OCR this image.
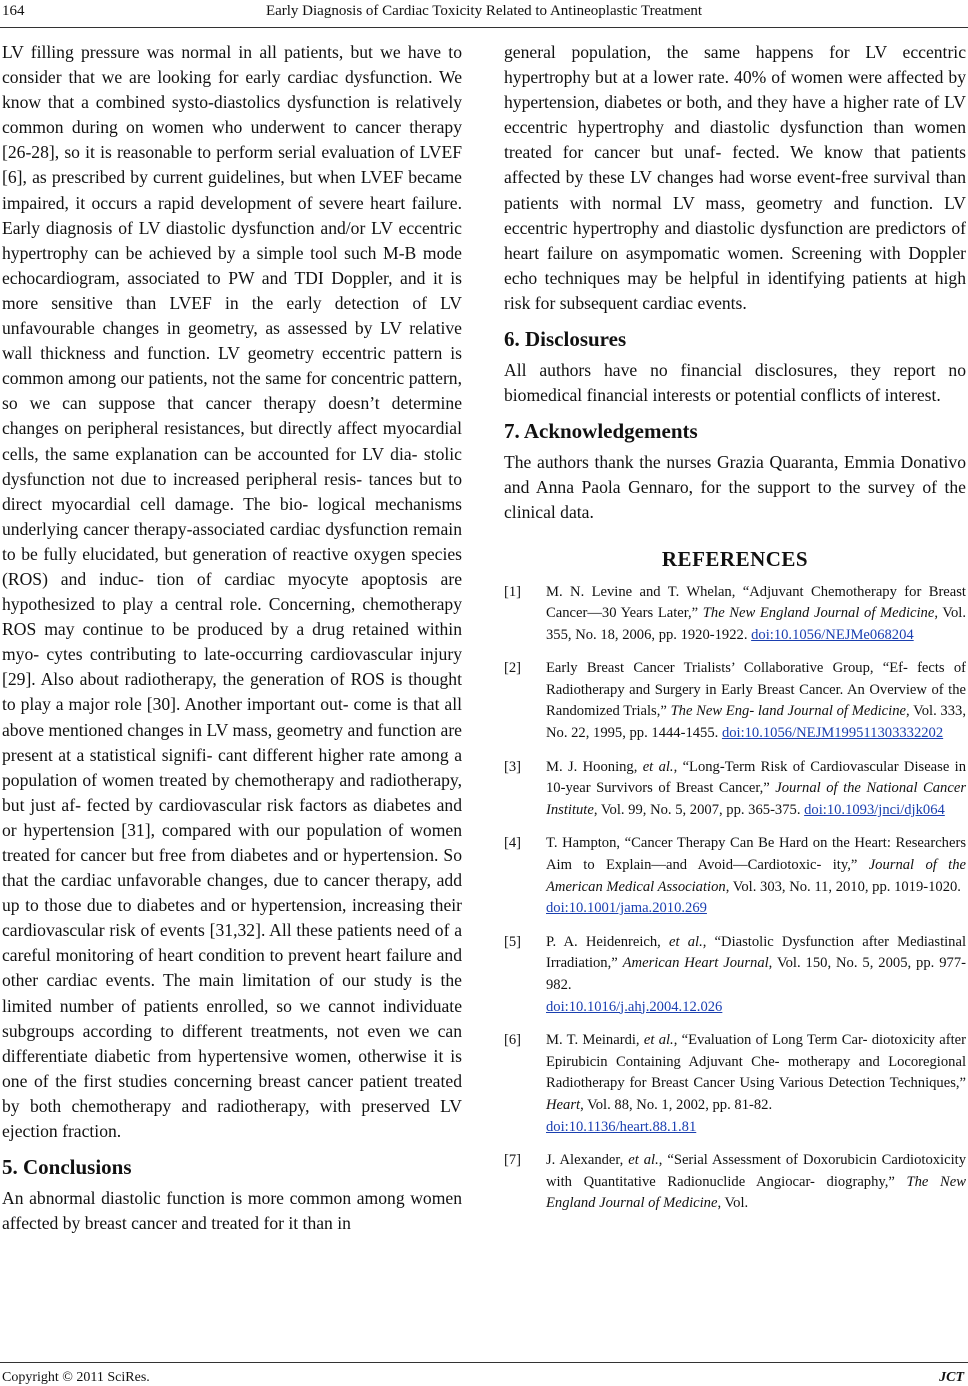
164	Early Diagnosis of Cardiac Toxicity Related to Antineoplastic Treatment

LV filling pressure was normal in all patients, but we have to consider that we are looking for early cardiac dysfunction. We know that a combined systo-diastolics dysfunction is relatively common during on women who underwent to cancer therapy [26-28], so it is reasonable to perform serial evaluation of LVEF [6], as prescribed by current guidelines, but when LVEF became impaired, it occurs a rapid development of severe heart failure. Early diagnosis of LV diastolic dysfunction and/or LV eccentric hypertrophy can be achieved by a simple tool such M-B mode echocardiogram, associated to PW and TDI Doppler, and it is more sensitive than LVEF in the early detection of LV unfavourable changes in geometry, as assessed by LV relative wall thickness and function. LV geometry eccentric pattern is common among our patients, not the same for concentric pattern, so we can suppose that cancer therapy doesn’t determine changes on peripheral resistances, but directly affect myocardial cells, the same explanation can be accounted for LV dia- stolic dysfunction not due to increased peripheral resis- tances but to direct myocardial cell damage. The bio- logical mechanisms underlying cancer therapy-associated cardiac dysfunction remain to be fully elucidated, but generation of reactive oxygen species (ROS) and induc- tion of cardiac myocyte apoptosis are hypothesized to play a central role. Concerning, chemotherapy ROS may continue to be produced by a drug retained within myo- cytes contributing to late-occurring cardiovascular injury [29]. Also about radiotherapy, the generation of ROS is thought to play a major role [30]. Another important out- come is that all above mentioned changes in LV mass, geometry and function are present at a statistical signifi- cant different higher rate among a population of women treated by chemotherapy and radiotherapy, but just af- fected by cardiovascular risk factors as diabetes and or hypertension [31], compared with our population of women treated for cancer but free from diabetes and or hypertension. So that the cardiac unfavorable changes, due to cancer therapy, add up to those due to diabetes and or hypertension, increasing their cardiovascular risk of events [31,32]. All these patients need of a careful monitoring of heart condition to prevent heart failure and other cardiac events. The main limitation of our study is the limited number of patients enrolled, so we cannot individuate subgroups according to different treatments, not even we can differentiate diabetic from hypertensive women, otherwise it is one of the first studies concerning breast cancer patient treated by both chemotherapy and radiotherapy, with preserved LV ejection fraction.

5. Conclusions

An abnormal diastolic function is more common among women affected by breast cancer and treated for it than in

general population, the same happens for LV eccentric hypertrophy but at a lower rate. 40% of women were affected by hypertension, diabetes or both, and they have a higher rate of LV eccentric hypertrophy and diastolic dysfunction than women treated for cancer but unaf- fected. We know that patients affected by these LV changes had worse event-free survival than patients with normal LV mass, geometry and function. LV eccentric hypertrophy and diastolic dysfunction are predictors of heart failure on asympomatic women. Screening with Doppler echo techniques may be helpful in identifying patients at high risk for subsequent cardiac events.

6. Disclosures

All authors have no financial disclosures, they report no biomedical financial interests or potential conflicts of interest.

7. Acknowledgements

The authors thank the nurses Grazia Quaranta, Emmia Donativo and Anna Paola Gennaro, for the support to the survey of the clinical data.

REFERENCES
[1] M. N. Levine and T. Whelan, “Adjuvant Chemotherapy for Breast Cancer—30 Years Later,” The New England Journal of Medicine, Vol. 355, No. 18, 2006, pp. 1920-1922. doi:10.1056/NEJMe068204
[2] Early Breast Cancer Trialists’ Collaborative Group, “Ef- fects of Radiotherapy and Surgery in Early Breast Cancer. An Overview of the Randomized Trials,” The New Eng- land Journal of Medicine, Vol. 333, No. 22, 1995, pp. 1444-1455. doi:10.1056/NEJM199511303332202
[3] M. J. Hooning, et al., “Long-Term Risk of Cardiovascular Disease in 10-year Survivors of Breast Cancer,” Journal of the National Cancer Institute, Vol. 99, No. 5, 2007, pp. 365-375. doi:10.1093/jnci/djk064
[4] T. Hampton, “Cancer Therapy Can Be Hard on the Heart: Researchers Aim to Explain—and Avoid—Cardiotoxic- ity,” Journal of the American Medical Association, Vol. 303, No. 11, 2010, pp. 1019-1020.
doi:10.1001/jama.2010.269
[5] P. A. Heidenreich, et al., “Diastolic Dysfunction after Mediastinal Irradiation,” American Heart Journal, Vol. 150, No. 5, 2005, pp. 977-982.
doi:10.1016/j.ahj.2004.12.026
[6] M. T. Meinardi, et al., “Evaluation of Long Term Car- diotoxicity after Epirubicin Containing Adjuvant Che- motherapy and Locoregional Radiotherapy for Breast Cancer Using Various Detection Techniques,” Heart, Vol. 88, No. 1, 2002, pp. 81-82.
doi:10.1136/heart.88.1.81
[7] J. Alexander, et al., “Serial Assessment of Doxorubicin Cardiotoxicity with Quantitative Radionuclide Angiocar- diography,” The New England Journal of Medicine, Vol.
Copyright © 2011 SciRes.	JCT
